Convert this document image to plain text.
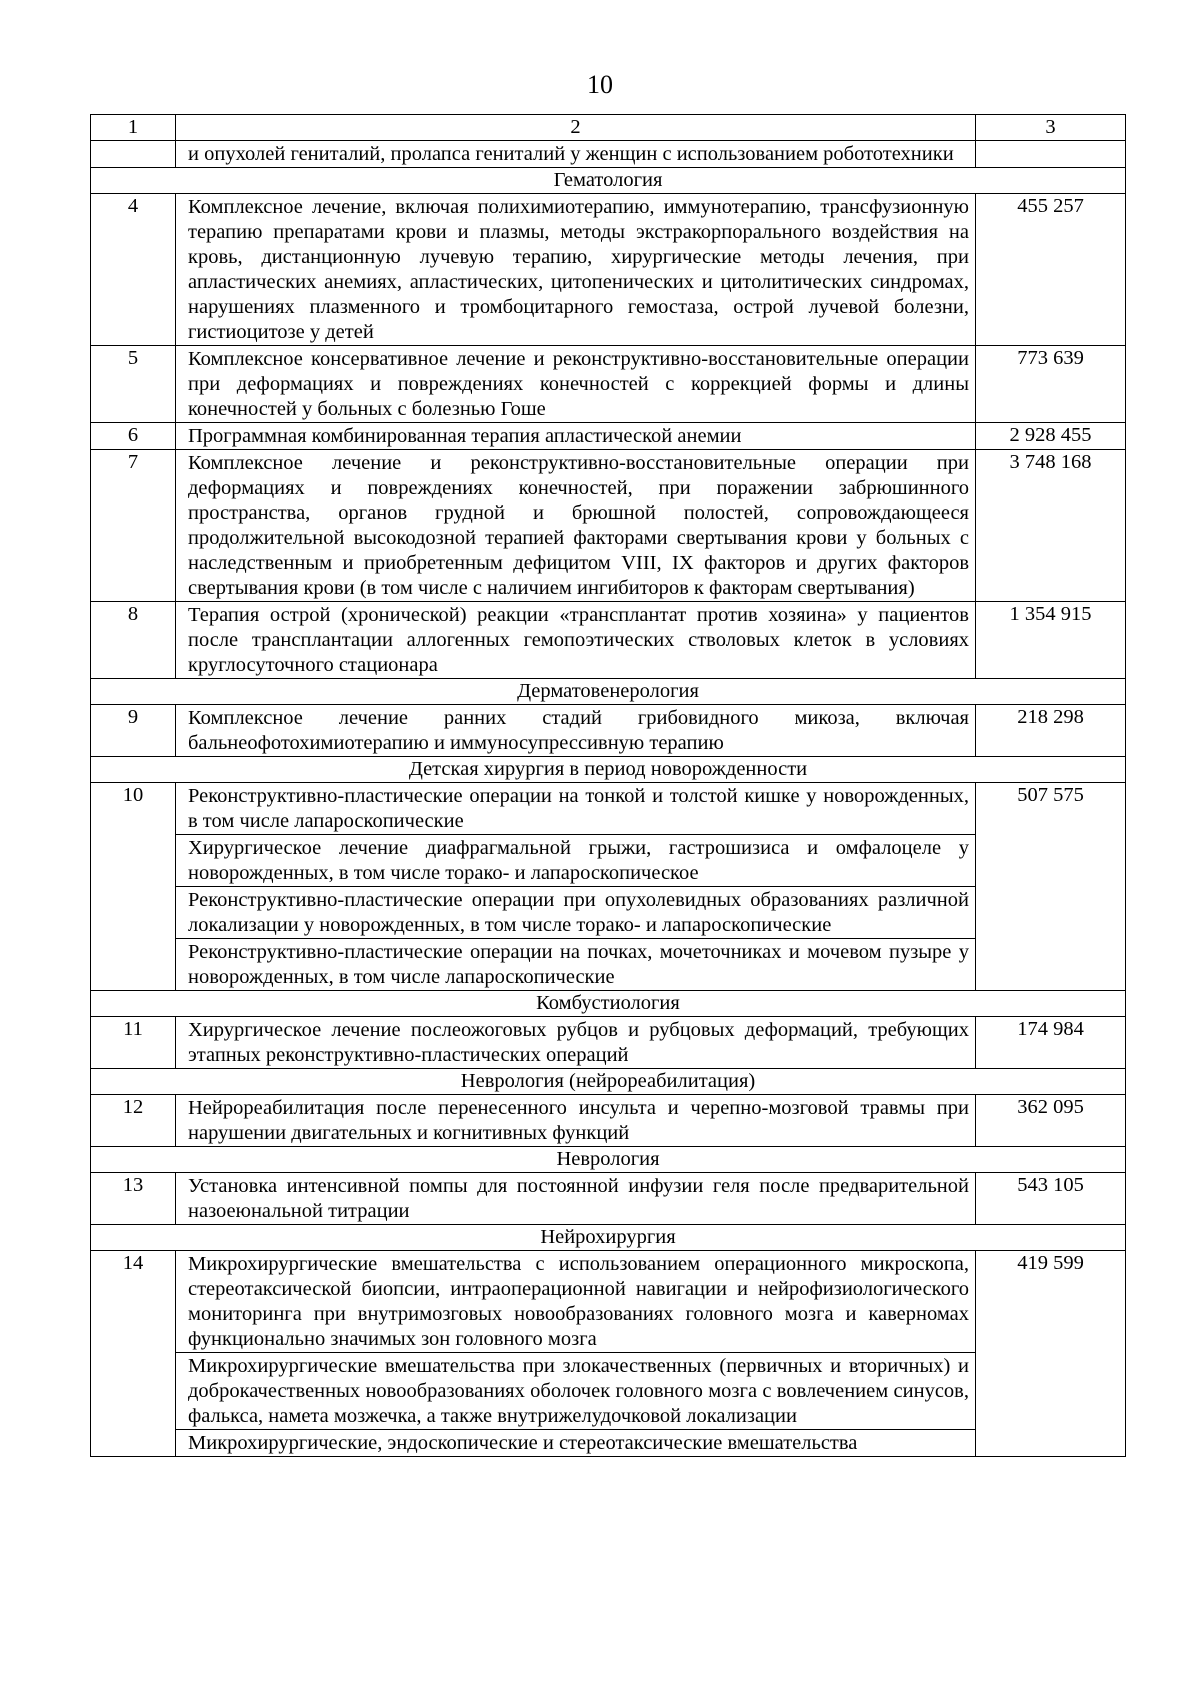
10
1	2	3

	и опухолей гениталий, пролапса гениталий у женщин с использованием робототехники	

Гематология		
4	Комплексное лечение, включая полихимиотерапию, иммунотерапию, трансфузионную терапию препаратами крови и плазмы, методы экстракорпорального воздействия на кровь, дистанционную лучевую терапию, хирургические методы лечения, при апластических анемиях, апластических, цитопенических и цитолитических синдромах, нарушениях плазменного и тромбоцитарного гемостаза, острой лучевой болезни, гистиоцитозе у детей	455 257
5	Комплексное консервативное лечение и реконструктивно-восстановительные операции при деформациях и повреждениях конечностей с коррекцией формы и длины конечностей у больных с болезнью Гоше	773 639
6	Программная комбинированная терапия апластической анемии	2 928 455
7	Комплексное лечение и реконструктивно-восстановительные операции при деформациях и повреждениях конечностей, при поражении забрюшинного пространства, органов грудной и брюшной полостей, сопровождающееся продолжительной высокодозной терапией факторами свертывания крови у больных с наследственным и приобретенным дефицитом VIII, IX факторов и других факторов свертывания крови (в том числе с наличием ингибиторов к факторам свертывания)	3 748 168
8	Терапия острой (хронической) реакции «трансплантат против хозяина» у пациентов после трансплантации аллогенных гемопоэтических стволовых клеток в условиях круглосуточного стационара	1 354 915
Дерматовенерология		
9	Комплексное лечение ранних стадий грибовидного микоза, включая бальнеофотохимиотерапию и иммуносупрессивную терапию	218 298
Детская хирургия в период новорожденности		
10	Реконструктивно-пластические операции на тонкой и толстой кишке у новорожденных, в том числе лапароскопические
Хирургическое лечение диафрагмальной грыжи, гастрошизиса и омфалоцеле у новорожденных, в том числе торако- и лапароскопическое
Реконструктивно-пластические операции при опухолевидных образованиях различной локализации у новорожденных, в том числе торако- и лапароскопические
Реконструктивно-пластические операции на почках, мочеточниках и мочевом пузыре у новорожденных, в том числе лапароскопические	507 575
Комбустиология		
11	Хирургическое лечение послеожоговых рубцов и рубцовых деформаций, требующих этапных реконструктивно-пластических операций	174 984
Неврология (нейрореабилитация)		
12	Нейрореабилитация после перенесенного инсульта и черепно-мозговой травмы при нарушении двигательных и когнитивных функций	362 095
Неврология		
13	Установка интенсивной помпы для постоянной инфузии геля после предварительной назоеюнальной титрации	543 105
Нейрохирургия		
14	Микрохирургические вмешательства с использованием операционного микроскопа, стереотаксической биопсии, интраоперационной навигации и нейрофизиологического мониторинга при внутримозговых новообразованиях головного мозга и каверномах функционально значимых зон головного мозга
Микрохирургические вмешательства при злокачественных (первичных и вторичных) и доброкачественных новообразованиях оболочек головного мозга с вовлечением синусов, фалькса, намета мозжечка, а также внутрижелудочковой локализации
Микрохирургические, эндоскопические и стереотаксические вмешательства	419 599
